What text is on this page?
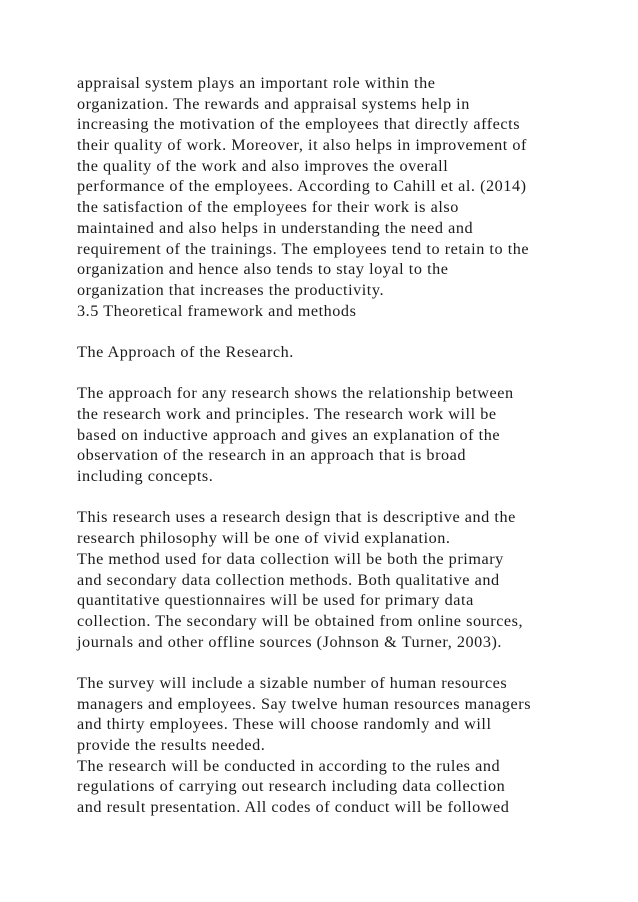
appraisal system plays an important role within the
organization. The rewards and appraisal systems help in
increasing the motivation of the employees that directly affects
their quality of work. Moreover, it also helps in improvement of
the quality of the work and also improves the overall
performance of the employees. According to Cahill et al. (2014)
the satisfaction of the employees for their work is also
maintained and also helps in understanding the need and
requirement of the trainings. The employees tend to retain to the
organization and hence also tends to stay loyal to the
organization that increases the productivity.
3.5 Theoretical framework and methods
The Approach of the Research.
The approach for any research shows the relationship between
the research work and principles. The research work will be
based on inductive approach and gives an explanation of the
observation of the research in an approach that is broad
including concepts.
This research uses a research design that is descriptive and the
research philosophy will be one of vivid explanation.
The method used for data collection will be both the primary
and secondary data collection methods. Both qualitative and
quantitative questionnaires will be used for primary data
collection. The secondary will be obtained from online sources,
journals and other offline sources (Johnson & Turner, 2003).
The survey will include a sizable number of human resources
managers and employees. Say twelve human resources managers
and thirty employees. These will choose randomly and will
provide the results needed.
The research will be conducted in according to the rules and
regulations of carrying out research including data collection
and result presentation. All codes of conduct will be followed
